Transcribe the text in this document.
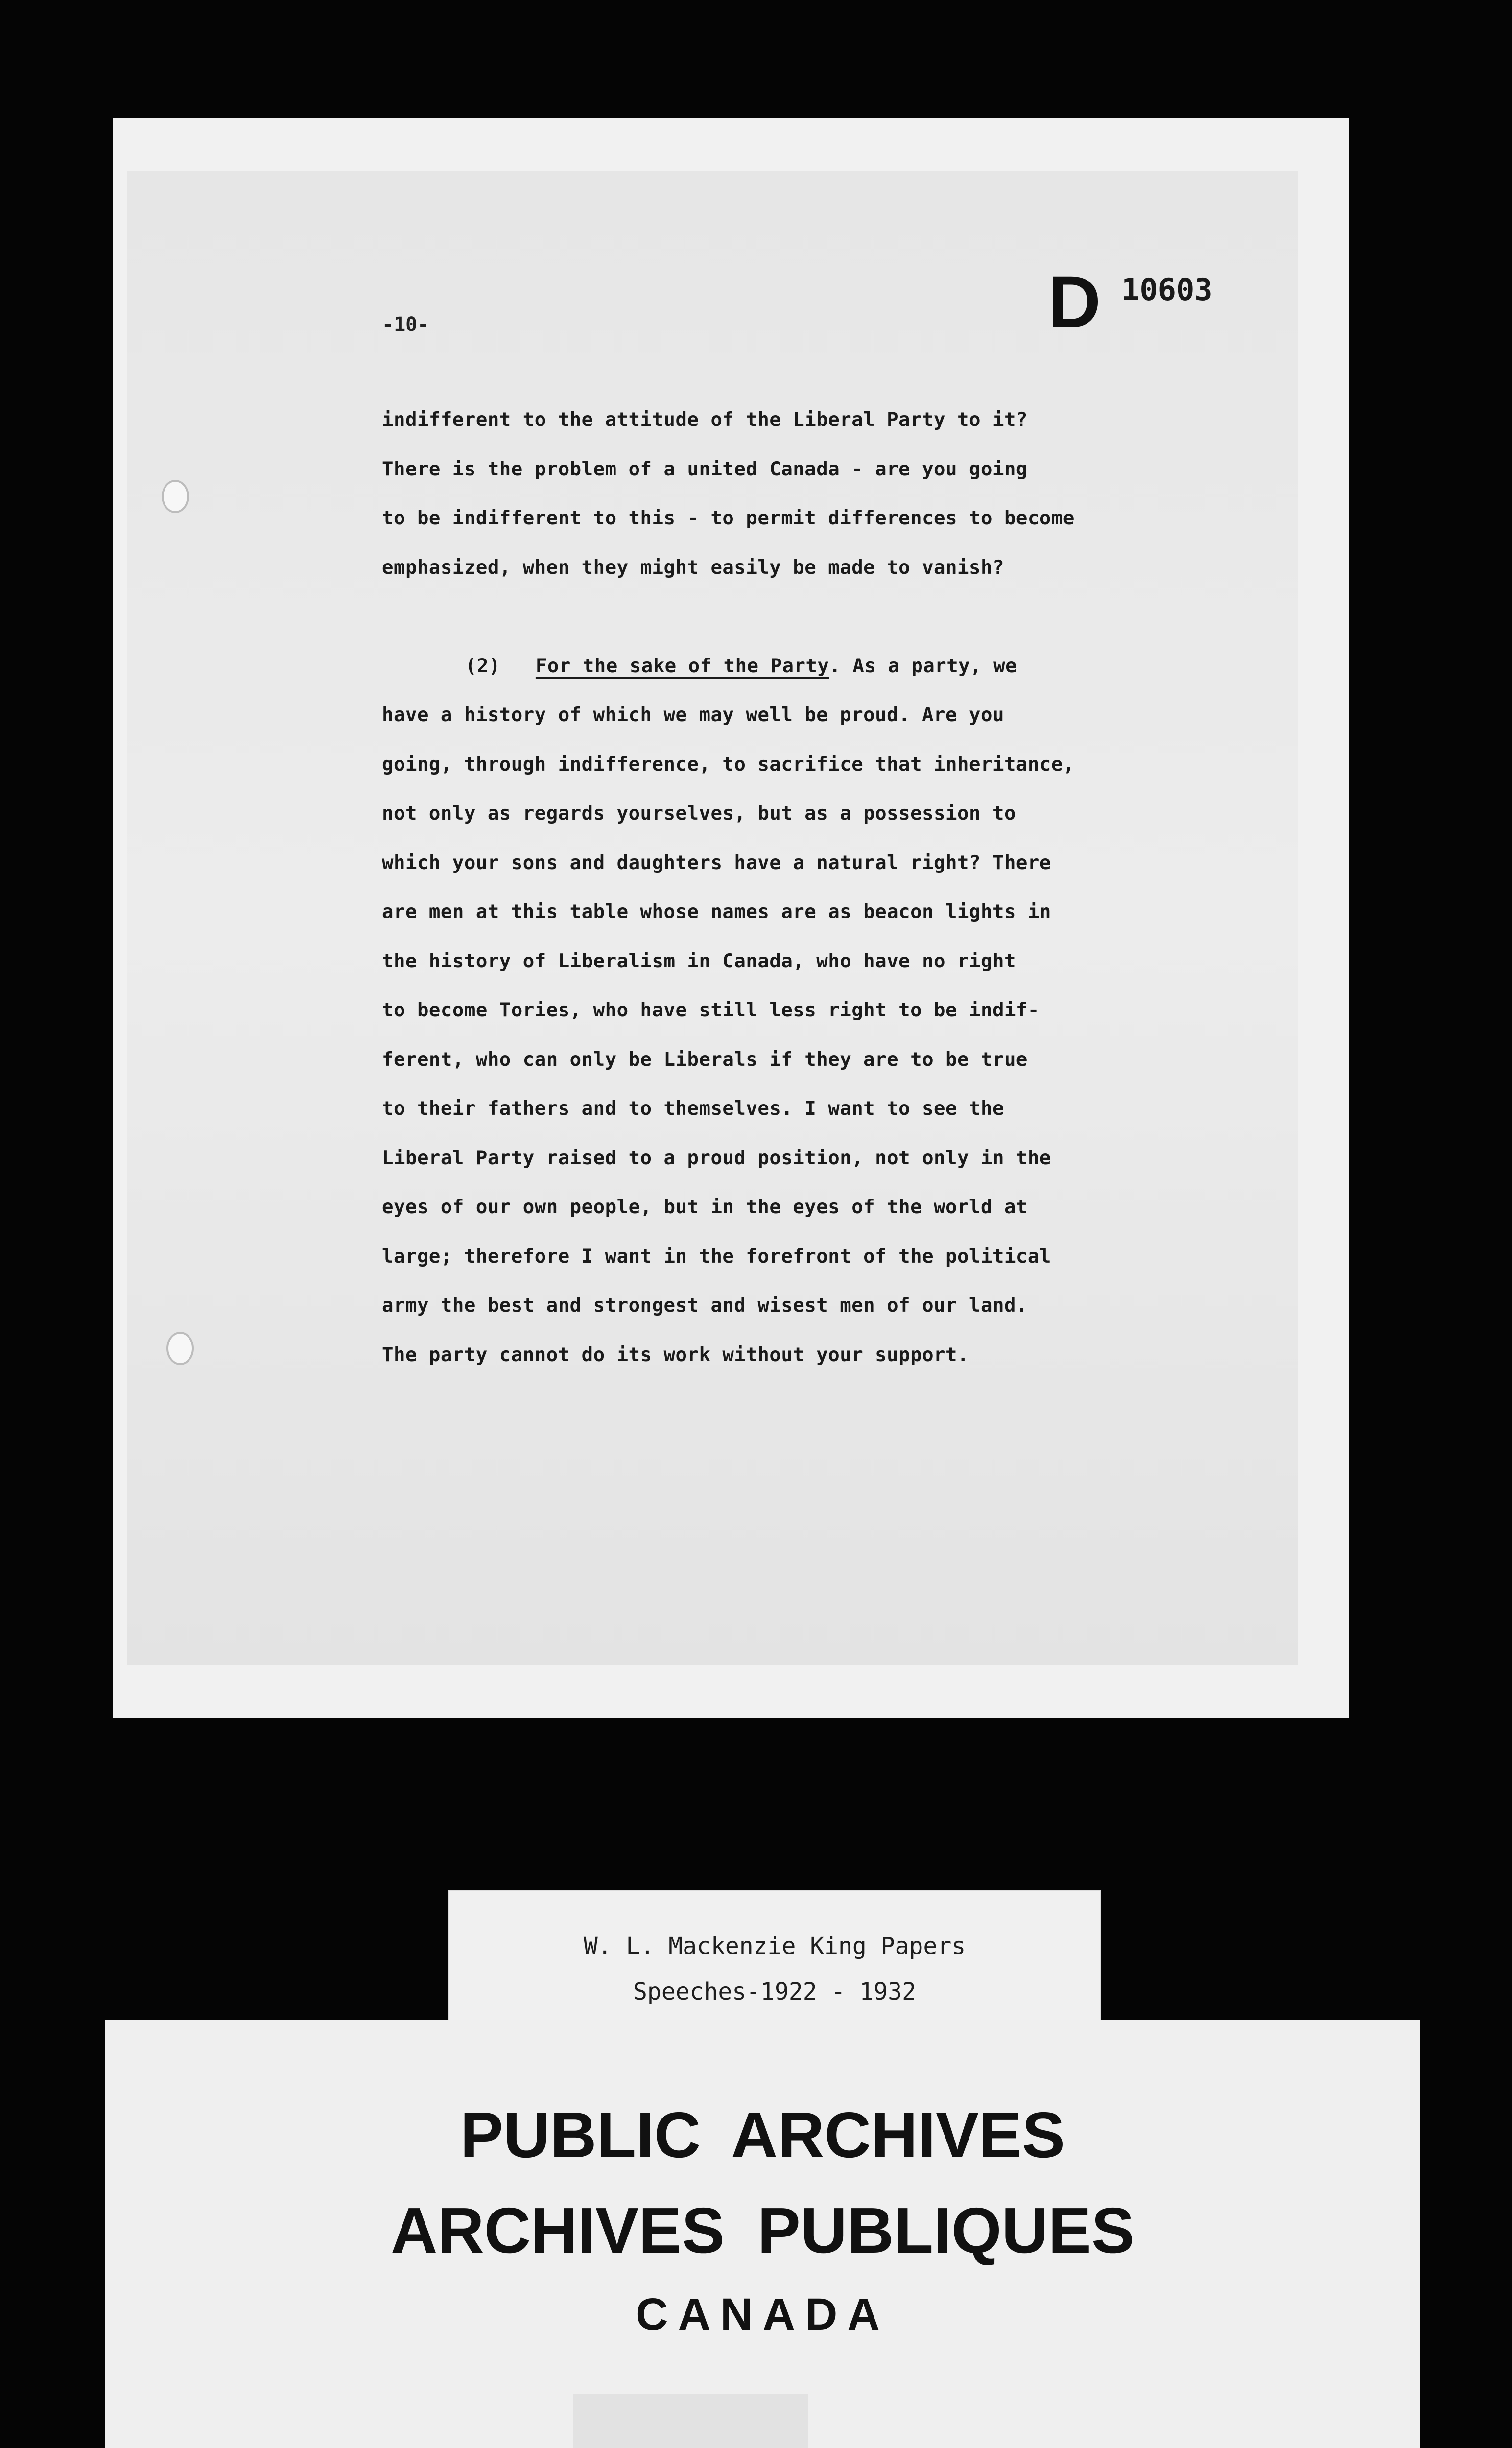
D 10603
-10-
indifferent to the attitude of the Liberal Party to it?
There is the problem of a united Canada - are you going
to be indifferent to this - to permit differences to become
emphasized, when they might easily be made to vanish?
(2) For the sake of the Party. As a party, we
have a history of which we may well be proud. Are you
going, through indifference, to sacrifice that inheritance,
not only as regards yourselves, but as a possession to
which your sons and daughters have a natural right? There
are men at this table whose names are as beacon lights in
the history of Liberalism in Canada, who have no right
to become Tories, who have still less right to be indif-
ferent, who can only be Liberals if they are to be true
to their fathers and to themselves. I want to see the
Liberal Party raised to a proud position, not only in the
eyes of our own people, but in the eyes of the world at
large; therefore I want in the forefront of the political
army the best and strongest and wisest men of our land.
The party cannot do its work without your support.
W. L. Mackenzie King Papers
Speeches-1922 - 1932
PUBLIC ARCHIVES
ARCHIVES PUBLIQUES
CANADA
